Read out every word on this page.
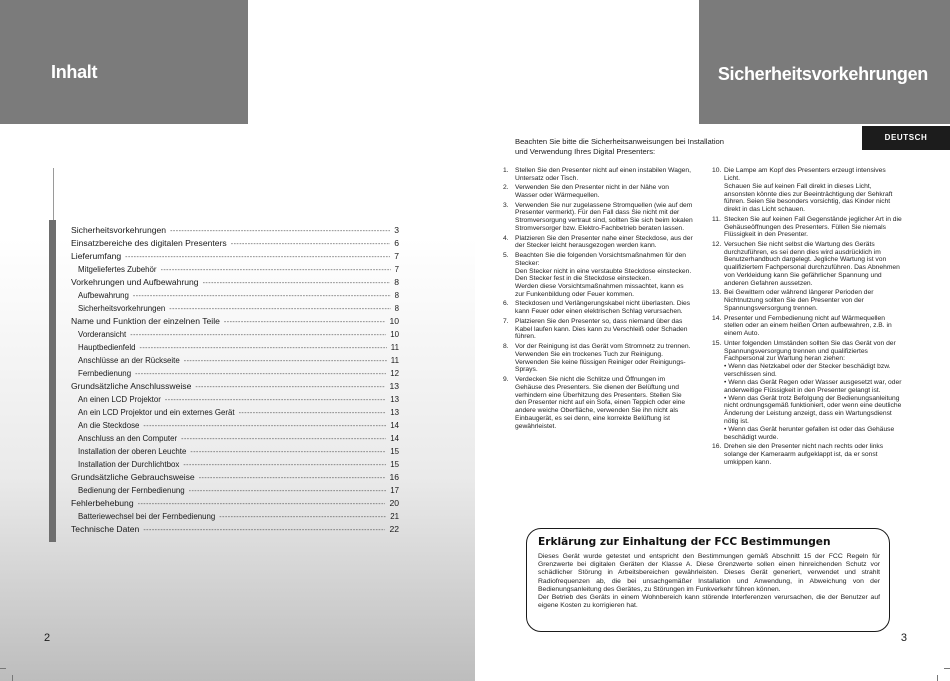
Inhalt
Sicherheitsvorkehrungen -----	3
Einsatzbereiche des digitalen Presenters -----	6
Lieferumfang -----	7
Mitgeliefertes Zubehör -----	7
Vorkehrungen und Aufbewahrung -----	8
Aufbewahrung -----	8
Sicherheitsvorkehrungen -----	8
Name und Funktion der einzelnen Teile -----	10
Vorderansicht -----	10
Hauptbedienfeld -----	11
Anschlüsse an der Rückseite -----	11
Fernbedienung -----	12
Grundsätzliche Anschlussweise -----	13
An einen LCD Projektor -----	13
An ein LCD Projektor und ein externes Gerät -----	13
An die Steckdose -----	14
Anschluss an den Computer -----	14
Installation der oberen Leuchte -----	15
Installation der Durchlichtbox -----	15
Grundsätzliche Gebrauchsweise -----	16
Bedienung der Fernbedienung -----	17
Fehlerbehebung -----	20
Batteriewechsel bei der Fernbedienung -----	21
Technische Daten -----	22
2
Sicherheitsvorkehrungen
DEUTSCH
Beachten Sie bitte die Sicherheitsanweisungen bei Installation und Verwendung Ihres Digital Presenters:
1. Stellen Sie den Presenter nicht auf einen instabilen Wagen, Untersatz oder Tisch.
2. Verwenden Sie den Presenter nicht in der Nähe von Wasser oder Wärmequellen.
3. Verwenden Sie nur zugelassene Stromquellen (wie auf dem Presenter vermerkt). Für den Fall dass Sie nicht mit der Stromversorgung vertraut sind, sollten Sie sich beim lokalen Stromversorger bzw. Elektro-Fachbetrieb beraten lassen.
4. Platzieren Sie den Presenter nahe einer Steckdose, aus der der Stecker leicht herausgezogen werden kann.
5. Beachten Sie die folgenden Vorsichtsmaßnahmen für den Stecker:
Den Stecker nicht in eine verstaubte Steckdose einstecken. Den Stecker fest in die Steckdose einstecken.
Werden diese Vorsichtsmaßnahmen missachtet, kann es zur Funkenbildung oder Feuer kommen.
6. Steckdosen und Verlängerungskabel nicht überlasten. Dies kann Feuer oder einen elektrischen Schlag verursachen.
7. Platzieren Sie den Presenter so, dass niemand über das Kabel laufen kann. Dies kann zu Verschleiß oder Schaden führen.
8. Vor der Reinigung ist das Gerät vom Stromnetz zu trennen. Verwenden Sie ein trockenes Tuch zur Reinigung. Verwenden Sie keine flüssigen Reiniger oder Reinigungs-Sprays.
9. Verdecken Sie nicht die Schlitze und Öffnungen im Gehäuse des Presenters. Sie dienen der Belüftung und verhindern eine Überhitzung des Presenters. Stellen Sie den Presenter nicht auf ein Sofa, einen Teppich oder eine andere weiche Oberfläche, verwenden Sie ihn nicht als Einbaugerät, es sei denn, eine korrekte Belüftung ist gewährleistet.
10. Die Lampe am Kopf des Presenters erzeugt intensives Licht.
Schauen Sie auf keinen Fall direkt in dieses Licht, ansonsten könnte dies zur Beeinträchtigung der Sehkraft führen. Seien Sie besonders vorsichtig, das Kinder nicht direkt in das Licht schauen.
11. Stecken Sie auf keinen Fall Gegenstände jeglicher Art in die Gehäuseöffnungen des Presenters. Füllen Sie niemals Flüssigkeit in den Presenter.
12. Versuchen Sie nicht selbst die Wartung des Geräts durchzuführen, es sei denn dies wird ausdrücklich im Benutzerhandbuch dargelegt. Jegliche Wartung ist von qualifiziertem Fachpersonal durchzuführen. Das Abnehmen von Verkleidung kann Sie gefährlicher Spannung und anderen Gefahren aussetzen.
13. Bei Gewittern oder während längerer Perioden der Nichtnutzung sollten Sie den Presenter von der Spannungsversorgung trennen.
14. Presenter und Fernbedienung nicht auf Wärmequellen stellen oder an einem heißen Orten aufbewahren, z.B. in einem Auto.
15. Unter folgenden Umständen sollten Sie das Gerät von der Spannungsversorgung trennen und qualifiziertes Fachpersonal zur Wartung heran ziehen:
• Wenn das Netzkabel oder der Stecker beschädigt bzw. verschlissen sind.
• Wenn das Gerät Regen oder Wasser ausgesetzt war, oder anderweitige Flüssigkeit in den Presenter gelangt ist.
• Wenn das Gerät trotz Befolgung der Bedienungsanleitung nicht ordnungsgemäß funktioniert, oder wenn eine deutliche Änderung der Leistung anzeigt, dass ein Wartungsdienst nötig ist.
• Wenn das Gerät herunter gefallen ist oder das Gehäuse beschädigt wurde.
16. Drehen sie den Presenter nicht nach rechts oder links solange der Kameraarm aufgeklappt ist, da er sonst umkippen kann.
Erklärung zur Einhaltung der FCC Bestimmungen

Dieses Gerät wurde getestet und entspricht den Bestimmungen gemäß Abschnitt 15 der FCC Regeln für Grenzwerte bei digitalen Geräten der Klasse A. Diese Grenzwerte sollen einen hinreichenden Schutz vor schädlicher Störung in Arbeitsbereichen gewährleisten. Dieses Gerät generiert, verwendet und strahlt Radiofrequenzen ab, die bei unsachgemäßer Installation und Anwendung, in Abweichung von der Bedienungsanleitung des Gerätes, zu Störungen im Funkverkehr führen können.

Der Betrieb des Geräts in einem Wohnbereich kann störende Interferenzen verursachen, die der Benutzer auf eigene Kosten zu korrigieren hat.

3
